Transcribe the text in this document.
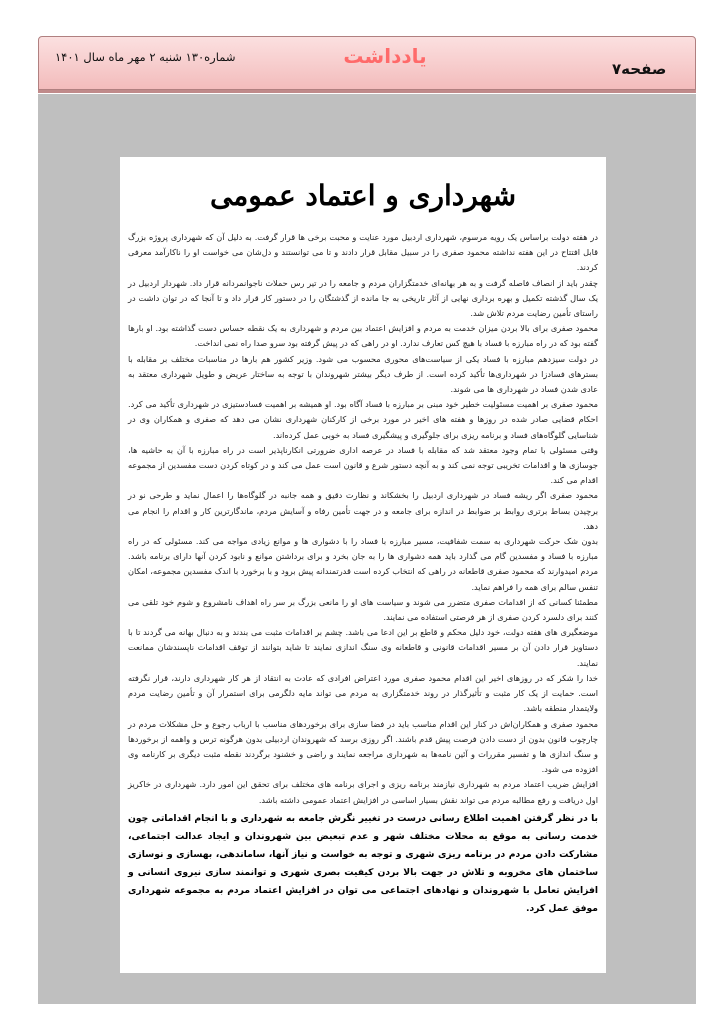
شماره۱۳۰ شنبه ۲ مهر ماه سال ۱۴۰۱	یادداشت
صفحه۷
شهرداری و اعتماد عمومی

در هفته دولت براساس یک رویه مرسوم، شهرداری اردبیل مورد عنایت و محبت برخی ها قرار گرفت. به دلیل آن که شهرداری پروژه بزرگ قابل افتتاح در این هفته نداشته محمود صفری را در سبیل مقابل قرار دادند و تا می توانستند و دل‌شان می خواست او را ناکارآمد معرفی کردند.

چقدر باید از انصاف فاصله گرفت و به هر بهانه‌ای خدمتگزاران مردم و جامعه را در تیر رس حملات ناجوانمردانه قرار داد. شهردار اردبیل در یک سال گذشته تکمیل و بهره برداری نهایی از آثار تاریخی به جا مانده از گذشتگان را در دستور کار قرار داد و تا آنجا که در توان داشت در راستای تأمین رضایت مردم تلاش شد.

محمود صفری برای بالا بردن میزان خدمت به مردم و افزایش اعتماد بین مردم و شهرداری به یک نقطه حساس دست گذاشته بود. او بارها گفته بود که در راه مبارزه با فساد با هیچ کس تعارف ندارد. او در راهی که در پیش گرفته بود سرو صدا راه نمی انداخت.

در دولت سیزدهم مبارزه با فساد یکی از سیاست‌های محوری محسوب می شود. وزیر کشور هم بارها در مناسبات مختلف بر مقابله با بسترهای فسادزا در شهرداری‌ها تأکید کرده است. از طرف دیگر بیشتر شهروندان با توجه به ساختار عریض و طویل شهرداری معتقد به عادی شدن فساد در شهرداری ها می شوند.

محمود صفری بر اهمیت مسئولیت خطیر خود مبنی بر مبارزه با فساد آگاه بود. او همیشه بر اهمیت فسادستیزی در شهرداری تأکید می کرد. احکام قضایی صادر شده در روزها و هفته های اخیر در مورد برخی از کارکنان شهرداری نشان می دهد که صفری و همکاران وی در شناسایی گلوگاه‌های فساد و برنامه ریزی برای جلوگیری و پیشگیری فساد به خوبی عمل کرده‌اند.

وقتی مسئولی با تمام وجود معتقد شد که مقابله با فساد در عرصه اداری ضرورتی انکارناپذیر است در راه مبارزه با آن به حاشیه ها، جوسازی ها و اقدامات تخریبی توجه نمی کند و به آنچه دستور شرع و قانون است عمل می کند و در کوتاه کردن دست مفسدین از مجموعه اقدام می کند.

محمود صفری اگر ریشه فساد در شهرداری اردبیل را بخشکاند و نظارت دقیق و همه جانبه در گلوگاه‌ها را اعمال نماید و طرحی نو در برچیدن بساط برتری روابط بر ضوابط در اندازه برای جامعه و در جهت تأمین رفاه و آسایش مردم، ماندگارترین کار و اقدام را انجام می دهد.

بدون شک حرکت شهرداری به سمت شفافیت، مسیر مبارزه با فساد را با دشواری ها و موانع زیادی مواجه می کند. مسئولی که در راه مبارزه با فساد و مفسدین گام می گذارد باید همه دشواری ها را به جان بخرد و برای برداشتن موانع و نابود کردن آنها دارای برنامه باشد. مردم امیدوارند که محمود صفری قاطعانه در راهی که انتخاب کرده است قدرتمندانه پیش برود و با برخورد با اندک مفسدین مجموعه، امکان تنفس سالم برای همه را فراهم نماید.

مطمئنا کسانی که از اقدامات صفری متضرر می شوند و سیاست های او را مانعی بزرگ بر سر راه اهداف نامشروع و شوم خود تلقی می کنند برای دلسرد کردن صفری از هر فرصتی استفاده می نمایند.

موضعگیری های هفته دولت، خود دلیل محکم و قاطع بر این ادعا می باشد. چشم بر اقدامات مثبت می بندند و به دنبال بهانه می گردند تا با دستاویز قرار دادن آن بر مسیر اقدامات قانونی و قاطعانه وی سنگ اندازی نمایند تا شاید بتوانند از توقف اقدامات ناپسندشان ممانعت نمایند.

خدا را شکر که در روزهای اخیر این اقدام محمود صفری مورد اعتراض افرادی که عادت به انتقاد از هر کار شهرداری دارند، قرار نگرفته است. حمایت از یک کار مثبت و تأثیرگذار در روند خدمتگزاری به مردم می تواند مایه دلگرمی برای استمرار آن و تأمین رضایت مردم ولایتمدار منطقه باشد.

محمود صفری و همکاران‌اش در کنار این اقدام مناسب باید در فضا سازی برای برخوردهای مناسب با ارباب رجوع و حل مشکلات مردم در چارچوب قانون بدون از دست دادن فرصت پیش قدم باشند. اگر روزی برسد که شهروندان اردبیلی بدون هرگونه ترس و واهمه از برخوردها و سنگ اندازی ها و تفسیر مقررات و آئین نامه‌ها به شهرداری مراجعه نمایند و راضی و خشنود برگردند نقطه مثبت دیگری بر کارنامه وی افزوده می شود.

افزایش ضریب اعتماد مردم به شهرداری نیازمند برنامه ریزی و اجرای برنامه های مختلف برای تحقق این امور دارد. شهرداری در خاکریز اول دریافت و رفع مطالبه مردم می تواند نقش بسیار اساسی در افزایش اعتماد عمومی داشته باشد.

با در نظر گرفتن اهمیت اطلاع رسانی درست در تغییر نگرش جامعه به شهرداری و با انجام اقداماتی چون خدمت رسانی به موقع به محلات مختلف شهر و عدم تبعیض بین شهروندان و ایجاد عدالت اجتماعی، مشارکت دادن مردم در برنامه ریزی شهری و توجه به خواست و نیاز آنها، ساماندهی، بهسازی و نوسازی ساختمان های مخروبه و تلاش در جهت بالا بردن کیفیت بصری شهری و توانمند سازی نیروی انسانی و افزایش تعامل با شهروندان و نهادهای اجتماعی می توان در افزایش اعتماد مردم به مجموعه شهرداری موفق عمل کرد.
